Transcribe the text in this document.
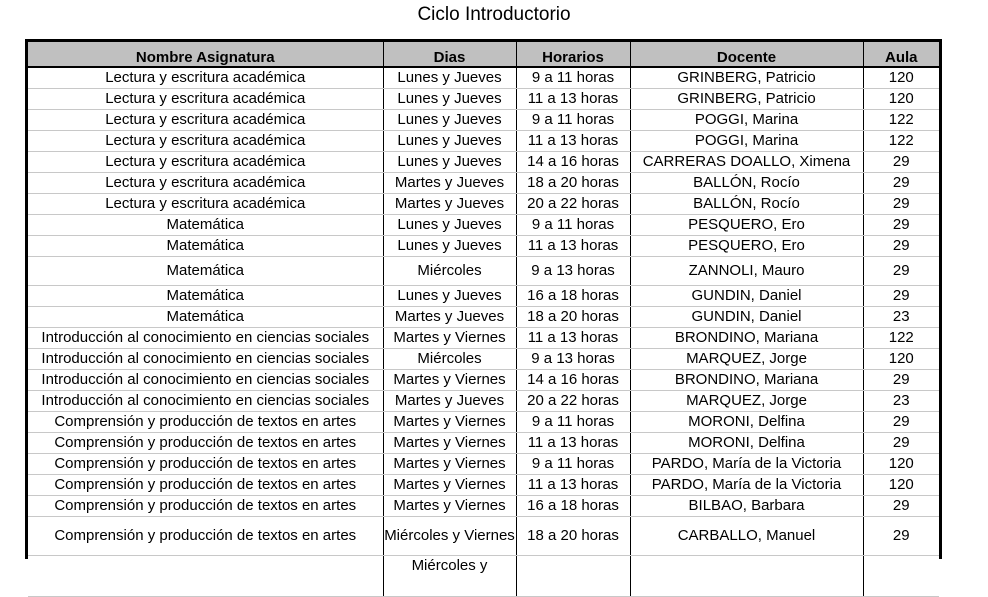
Ciclo Introductorio
Nombre Asignatura	Dias	Horarios	Docente	Aula
Lectura y escritura académica	Lunes y Jueves	9 a 11 horas	GRINBERG, Patricio	120
Lectura y escritura académica	Lunes y Jueves	11 a 13 horas	GRINBERG, Patricio	120
Lectura y escritura académica	Lunes y Jueves	9 a 11 horas	POGGI, Marina	122
Lectura y escritura académica	Lunes y Jueves	11 a 13 horas	POGGI, Marina	122
Lectura y escritura académica	Lunes y Jueves	14 a 16 horas	CARRERAS DOALLO, Ximena	29
Lectura y escritura académica	Martes y Jueves	18 a 20 horas	BALLÓN, Rocío	29
Lectura y escritura académica	Martes y Jueves	20 a 22 horas	BALLÓN, Rocío	29
Matemática	Lunes y Jueves	9 a 11 horas	PESQUERO, Ero	29
Matemática	Lunes y Jueves	11 a 13 horas	PESQUERO, Ero	29
Matemática	Miércoles	9 a 13 horas	ZANNOLI, Mauro	29
Matemática	Lunes y Jueves	16 a 18 horas	GUNDIN, Daniel	29
Matemática	Martes y Jueves	18 a 20 horas	GUNDIN, Daniel	23
Introducción al conocimiento en ciencias sociales	Martes y Viernes	11 a 13 horas	BRONDINO, Mariana	122
Introducción al conocimiento en ciencias sociales	Miércoles	9 a 13 horas	MARQUEZ, Jorge	120
Introducción al conocimiento en ciencias sociales	Martes y Viernes	14 a 16 horas	BRONDINO, Mariana	29
Introducción al conocimiento en ciencias sociales	Martes y Jueves	20 a 22 horas	MARQUEZ, Jorge	23
Comprensión y producción de textos en artes	Martes y Viernes	9 a 11 horas	MORONI, Delfina	29
Comprensión y producción de textos en artes	Martes y Viernes	11 a 13 horas	MORONI, Delfina	29
Comprensión y producción de textos en artes	Martes y Viernes	9 a 11 horas	PARDO, María de la Victoria	120
Comprensión y producción de textos en artes	Martes y Viernes	11 a 13 horas	PARDO, María de la Victoria	120
Comprensión y producción de textos en artes	Martes y Viernes	16 a 18 horas	BILBAO, Barbara	29
Comprensión y producción de textos en artes	Miércoles y Viernes	18 a 20 horas	CARBALLO, Manuel	29
	Miércoles y			
